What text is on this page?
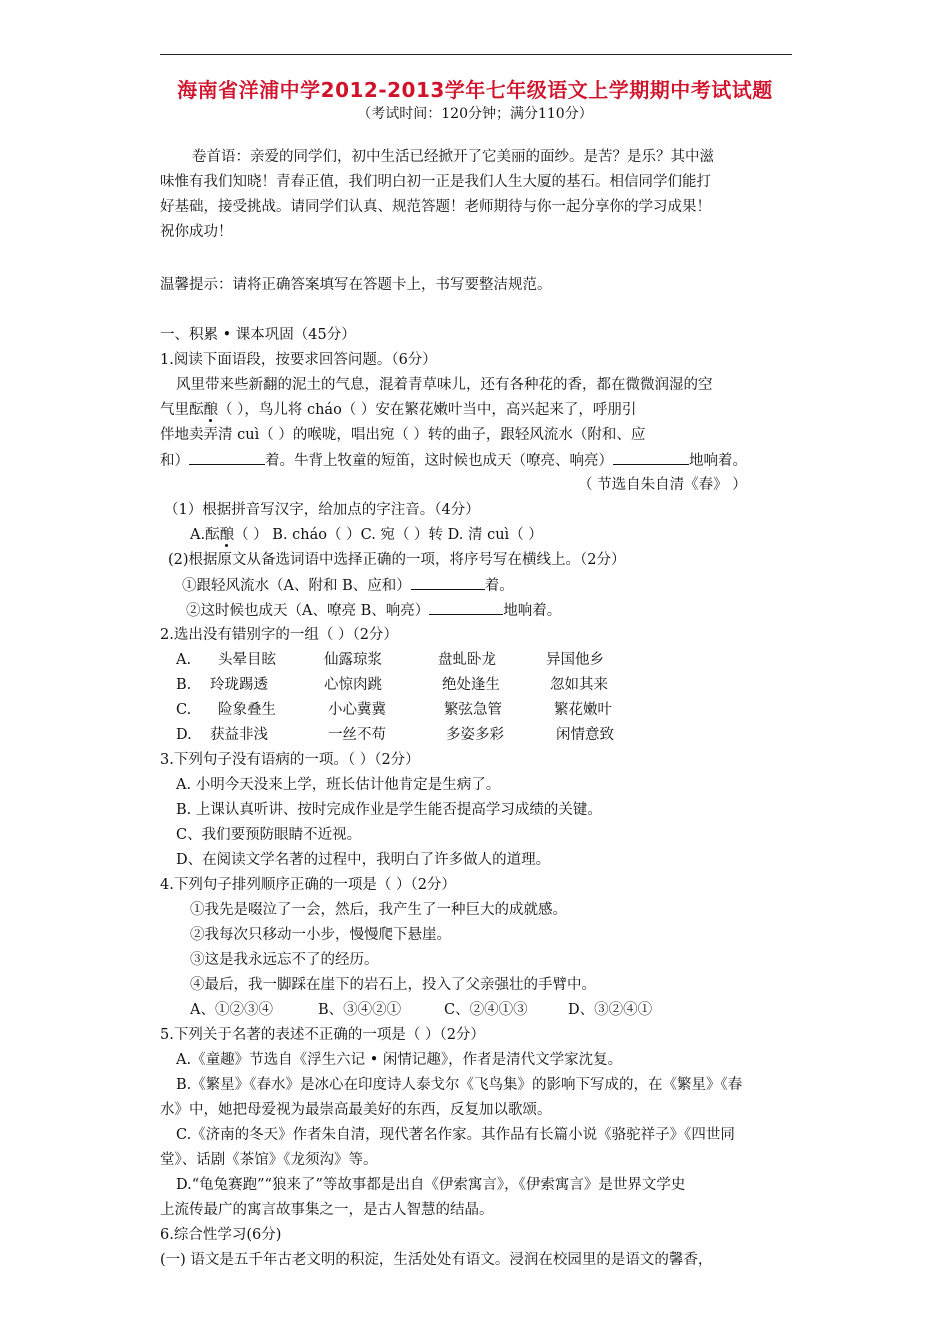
海南省洋浦中学2012-2013学年七年级语文上学期期中考试试题
（考试时间：120分钟；满分110分）
卷首语：亲爱的同学们，初中生活已经掀开了它美丽的面纱。是苦？是乐？其中滋
味惟有我们知晓！青春正值，我们明白初一正是我们人生大厦的基石。相信同学们能打
好基础，接受挑战。请同学们认真、规范答题！老师期待与你一起分享你的学习成果！
祝你成功！
温馨提示：请将正确答案填写在答题卡上，书写要整洁规范。
一、积累 • 课本巩固（45分）
1.阅读下面语段，按要求回答问题。（6分）
风里带来些新翻的泥土的气息，混着青草味儿，还有各种花的香，都在微微润湿的空
气里酝酿（ ），鸟儿将 cháo（ ）安在繁花嫩叶当中，高兴起来了，呼朋引
伴地卖弄清 cuì（ ）的喉咙，唱出宛（ ）转的曲子，跟轻风流水（附和、应
和）	着。牛背上牧童的短笛，这时候也成天（嘹亮、响亮）	地响着。
（ 节选自朱自清《春》 ）
（1）根据拼音写汉字，给加点的字注音。（4分）
A.酝酿（ ） B. cháo（ ）C. 宛（ ）转 D. 清 cuì（ ）
(2)根据原文从备选词语中选择正确的一项，将序号写在横线上。（2分）
①跟轻风流水（A、附和 B、应和）	着。
②这时候也成天（A、嘹亮 B、响亮）	地响着。
2.选出没有错别字的一组（ ）（2分）
A. 头晕目眩	仙露琼浆	盘虬卧龙	异国他乡
B. 玲珑踢透	心惊肉跳	绝处逢生	忽如其来
C. 险象叠生	小心冀冀	繁弦急管	繁花嫩叶
D. 获益非浅	一丝不苟	多姿多彩	闲情意致
3.下列句子没有语病的一项。（ ）（2分）
A. 小明今天没来上学，班长估计他肯定是生病了。
B. 上课认真听讲、按时完成作业是学生能否提高学习成绩的关键。
C、我们要预防眼睛不近视。
D、在阅读文学名著的过程中，我明白了许多做人的道理。
4.下列句子排列顺序正确的一项是（ ）（2分）
①我先是啜泣了一会，然后，我产生了一种巨大的成就感。
②我每次只移动一小步，慢慢爬下悬崖。
③这是我永远忘不了的经历。
④最后，我一脚踩在崖下的岩石上，投入了父亲强壮的手臂中。
A、①②③④	B、③④②①	C、②④①③	D、③②④①
5.下列关于名著的表述不正确的一项是（ ）（2分）
A.《童趣》节选自《浮生六记 • 闲情记趣》，作者是清代文学家沈复。
B.《繁星》《春水》是冰心在印度诗人泰戈尔《飞鸟集》的影响下写成的，在《繁星》《春
水》中，她把母爱视为最崇高最美好的东西，反复加以歌颂。
C.《济南的冬天》作者朱自清，现代著名作家。其作品有长篇小说《骆驼祥子》《四世同
堂》、话剧《茶馆》《龙须沟》等。
D.“龟兔赛跑”“狼来了”等故事都是出自《伊索寓言》，《伊索寓言》是世界文学史
上流传最广的寓言故事集之一，是古人智慧的结晶。
6.综合性学习(6分)
(一) 语文是五千年古老文明的积淀，生活处处有语文。浸润在校园里的是语文的馨香，
